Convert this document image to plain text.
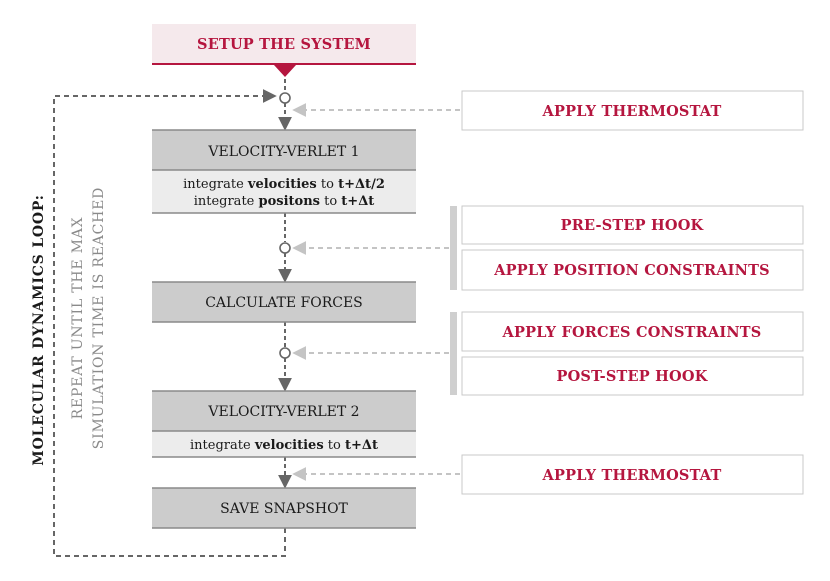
SETUP THE SYSTEM
MOLECULAR DYNAMICS LOOP: REPEAT UNTIL THE MAX SIMULATION TIME IS REACHED
VELOCITY-VERLET 1
integrate velocities to t+Δt/2
integrate positons to t+Δt
CALCULATE FORCES
VELOCITY-VERLET 2
integrate velocities to t+Δt
SAVE SNAPSHOT
APPLY THERMOSTAT
PRE-STEP HOOK
APPLY POSITION CONSTRAINTS
APPLY FORCES CONSTRAINTS
POST-STEP HOOK
APPLY THERMOSTAT
